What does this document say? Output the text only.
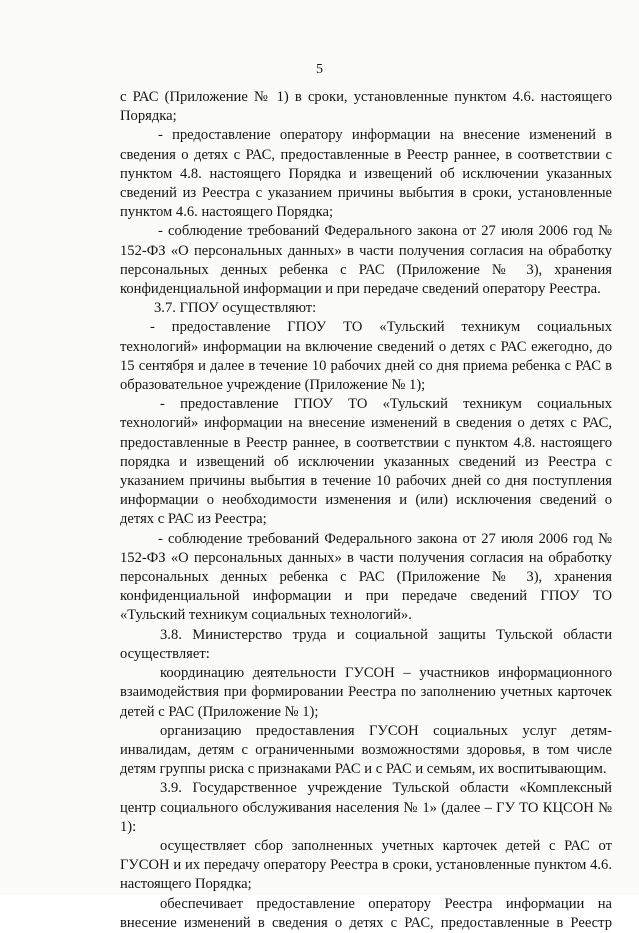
5

с РАС (Приложение № 1) в сроки, установленные пунктом 4.6. настоящего Порядка;

- предоставление оператору информации на внесение изменений в сведения о детях с РАС, предоставленные в Реестр раннее, в соответствии с пунктом 4.8. настоящего Порядка и извещений об исключении указанных сведений из Реестра с указанием причины выбытия в сроки, установленные пунктом 4.6. настоящего Порядка;

- соблюдение требований Федерального закона от 27 июля 2006 год № 152-ФЗ «О персональных данных» в части получения согласия на обработку персональных денных ребенка с РАС (Приложение № 3), хранения конфиденциальной информации и при передаче сведений оператору Реестра.

3.7. ГПОУ осуществляют:

- предоставление ГПОУ ТО «Тульский техникум социальных технологий» информации на включение сведений о детях с РАС ежегодно, до 15 сентября и далее в течение 10 рабочих дней со дня приема ребенка с РАС в образовательное учреждение (Приложение № 1);

- предоставление ГПОУ ТО «Тульский техникум социальных технологий» информации на внесение изменений в сведения о детях с РАС, предоставленные в Реестр раннее, в соответствии с пунктом 4.8. настоящего порядка и извещений об исключении указанных сведений из Реестра с указанием причины выбытия в течение 10 рабочих дней со дня поступления информации о необходимости изменения и (или) исключения сведений о детях с РАС из Реестра;

- соблюдение требований Федерального закона от 27 июля 2006 год № 152-ФЗ «О персональных данных» в части получения согласия на обработку персональных денных ребенка с РАС (Приложение № 3), хранения конфиденциальной информации и при передаче сведений ГПОУ ТО «Тульский техникум социальных технологий».

3.8. Министерство труда и социальной защиты Тульской области осуществляет:

координацию деятельности ГУСОН – участников информационного взаимодействия при формировании Реестра по заполнению учетных карточек детей с РАС (Приложение № 1);

организацию предоставления ГУСОН социальных услуг детям-инвалидам, детям с ограниченными возможностями здоровья, в том числе детям группы риска с признаками РАС и с РАС и семьям, их воспитывающим.

3.9. Государственное учреждение Тульской области «Комплексный центр социального обслуживания населения № 1» (далее – ГУ ТО КЦСОН № 1):

осуществляет сбор заполненных учетных карточек детей с РАС от ГУСОН и их передачу оператору Реестра в сроки, установленные пунктом 4.6. настоящего Порядка;

обеспечивает предоставление оператору Реестра информации на внесение изменений в сведения о детях с РАС, предоставленные в Реестр
